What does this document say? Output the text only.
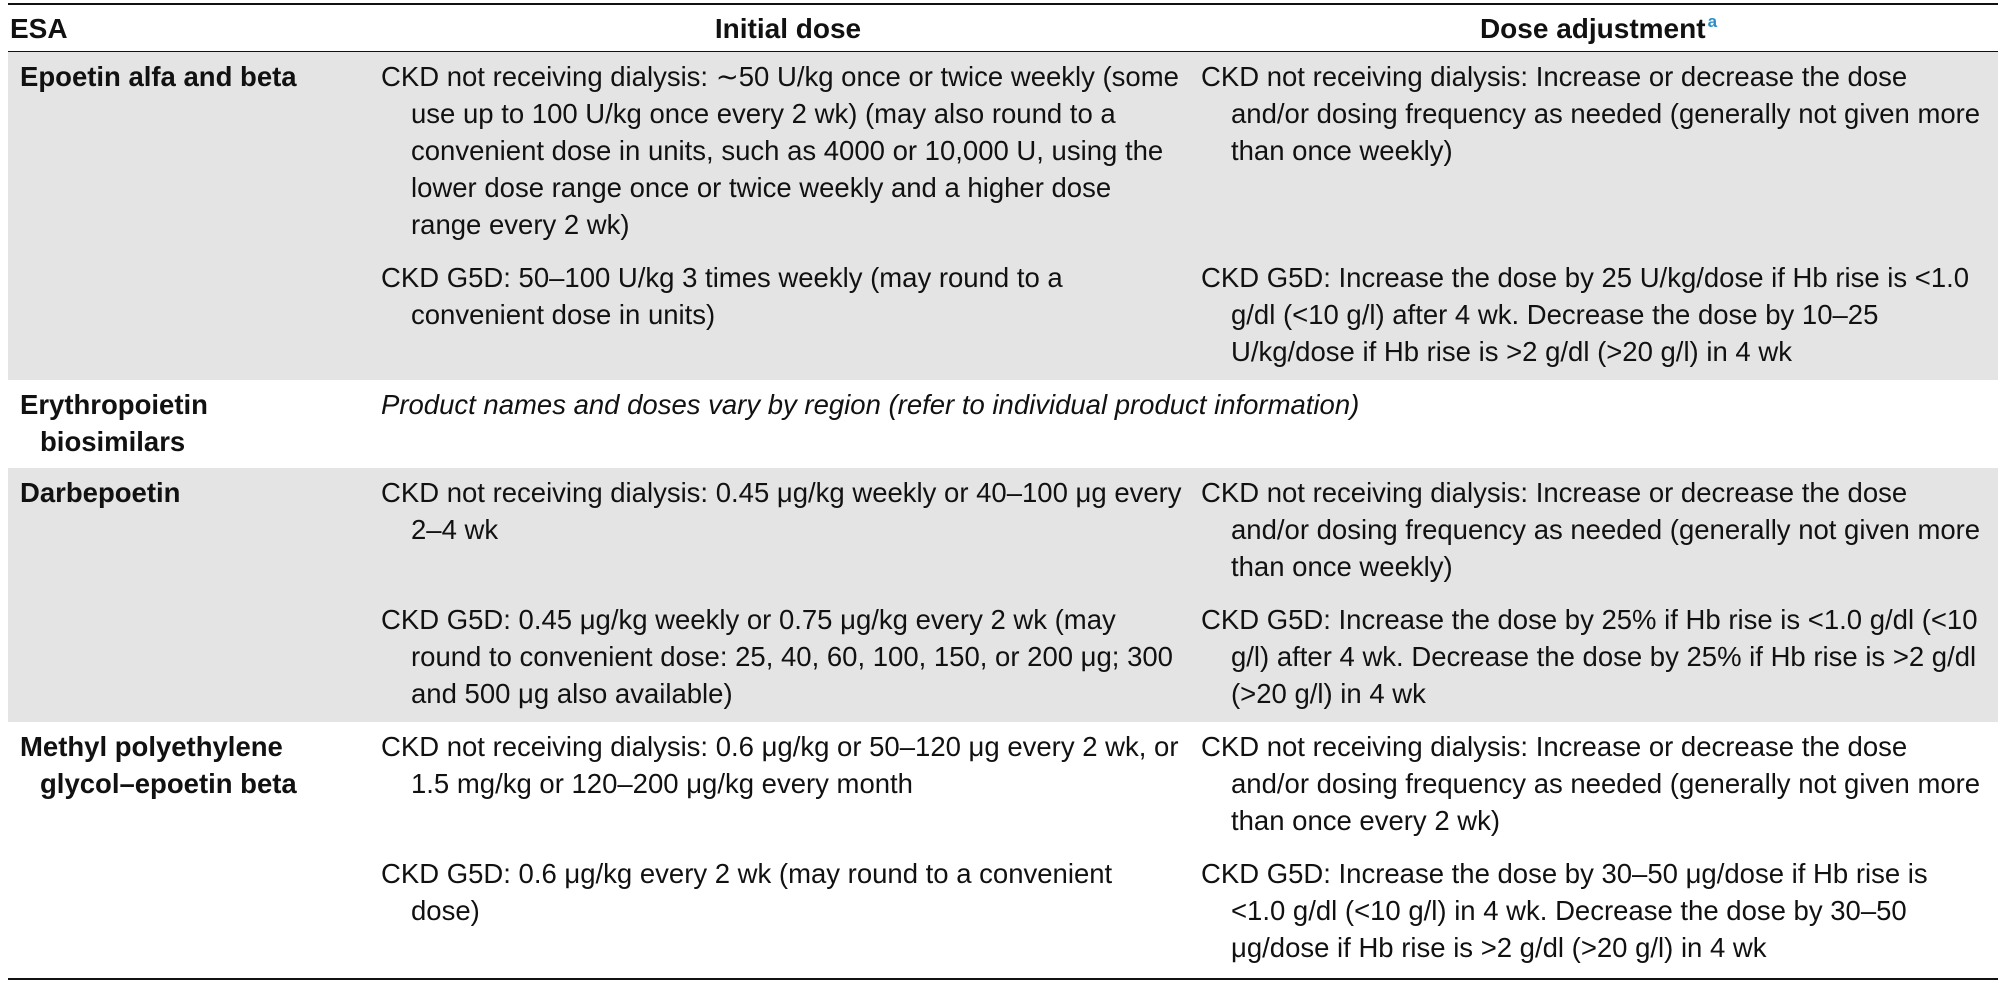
ESA	Initial dose	Dose adjustment $^a$

Epoetin alfa and beta	CKD not receiving dialysis: ∼50 U/kg once or twice weekly (some use up to 100 U/kg once every 2 wk) (may also round to a convenient dose in units, such as 4000 or 10,000 U, using the lower dose range once or twice weekly and a higher dose range every 2 wk)	CKD not receiving dialysis: Increase or decrease the dose and/or dosing frequency as needed (generally not given more than once weekly)

	CKD G5D: 50–100 U/kg 3 times weekly (may round to a convenient dose in units)	CKD G5D: Increase the dose by 25 U/kg/dose if Hb rise is <1.0 g/dl (<10 g/l) after 4 wk. Decrease the dose by 10–25 U/kg/dose if Hb rise is >2 g/dl (>20 g/l) in 4 wk

Erythropoietin
biosimilars	Product names and doses vary by region (refer to individual product information)	

Darbepoetin	CKD not receiving dialysis: 0.45 μg/kg weekly or 40–100 μg every 2–4 wk	CKD not receiving dialysis: Increase or decrease the dose and/or dosing frequency as needed (generally not given more than once weekly)

	CKD G5D: 0.45 μg/kg weekly or 0.75 μg/kg every 2 wk (may round to convenient dose: 25, 40, 60, 100, 150, or 200 μg; 300 and 500 μg also available)	CKD G5D: Increase the dose by 25% if Hb rise is <1.0 g/dl (<10 g/l) after 4 wk. Decrease the dose by 25% if Hb rise is >2 g/dl (>20 g/l) in 4 wk

Methyl polyethylene
glycol–epoetin beta	CKD not receiving dialysis: 0.6 μg/kg or 50–120 μg every 2 wk, or 1.5 mg/kg or 120–200 μg/kg every month	CKD not receiving dialysis: Increase or decrease the dose and/or dosing frequency as needed (generally not given more than once every 2 wk)

	CKD G5D: 0.6 μg/kg every 2 wk (may round to a convenient dose)	CKD G5D: Increase the dose by 30–50 μg/dose if Hb rise is <1.0 g/dl (<10 g/l) in 4 wk. Decrease the dose by 30–50 μg/dose if Hb rise is >2 g/dl (>20 g/l) in 4 wk
